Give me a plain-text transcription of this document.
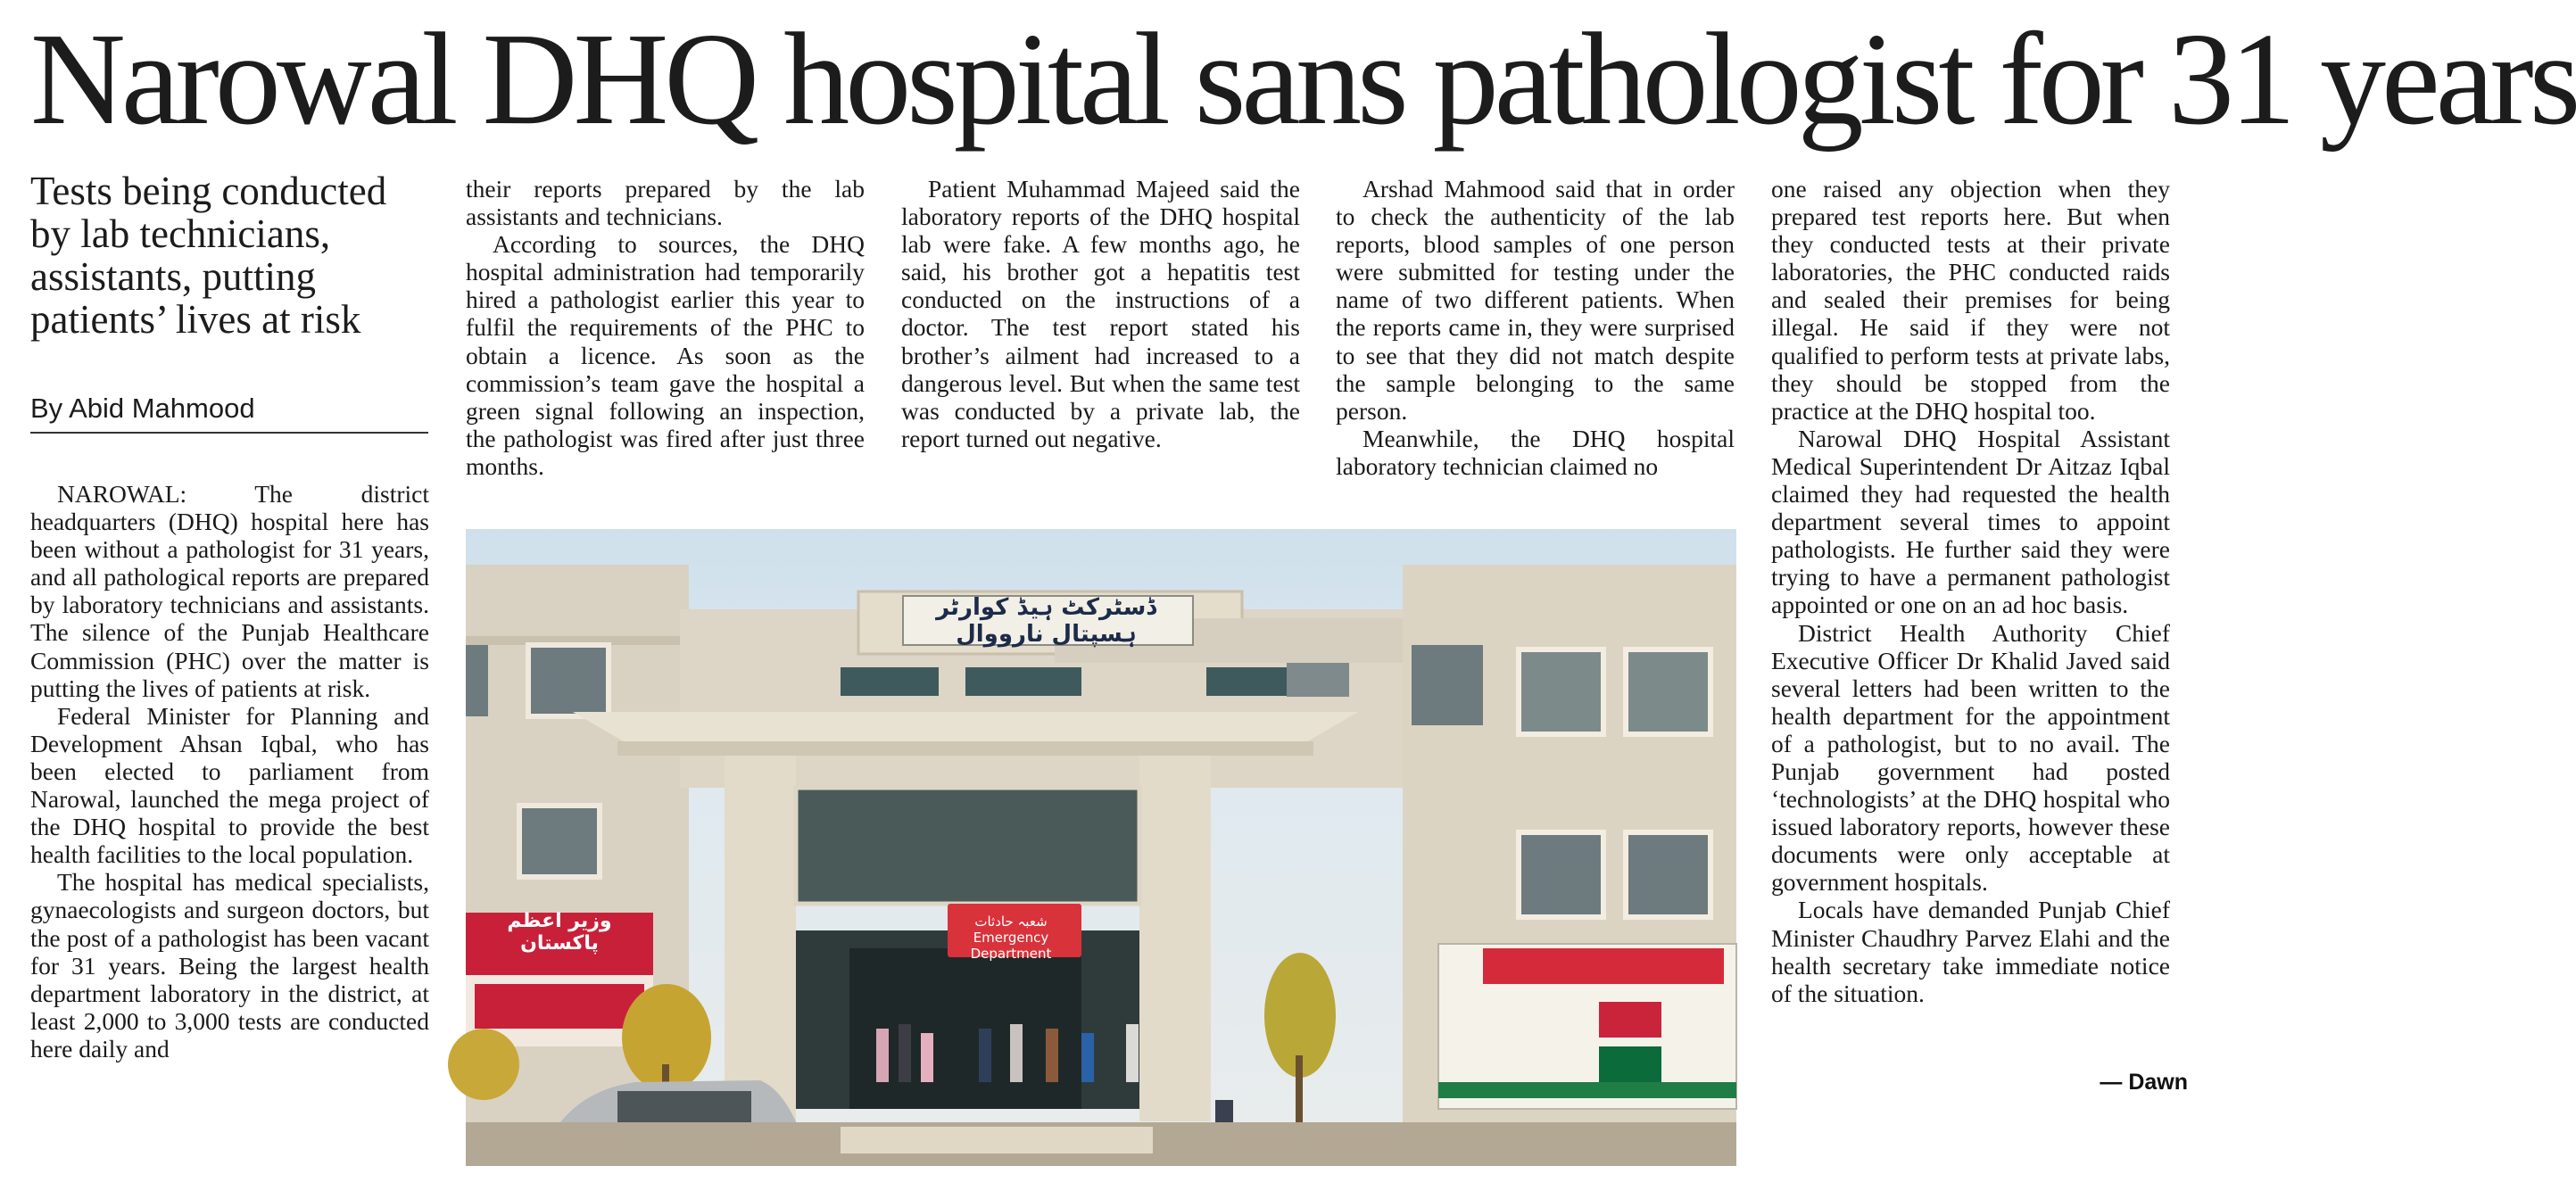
Narowal DHQ hospital sans pathologist for 31 years
Tests being conducted by lab technicians, assistants, putting patients’ lives at risk
By Abid Mahmood

NAROWAL: The district headquarters (DHQ) hospital here has been without a pathologist for 31 years, and all pathological reports are prepared by laboratory technicians and assistants. The silence of the Punjab Healthcare Commission (PHC) over the matter is putting the lives of patients at risk.

Federal Minister for Planning and Development Ahsan Iqbal, who has been elected to parliament from Narowal, launched the mega project of the DHQ hospital to provide the best health facilities to the local population.

The hospital has medical specialists, gynaecologists and surgeon doctors, but the post of a pathologist has been vacant for 31 years. Being the largest health department laboratory in the district, at least 2,000 to 3,000 tests are conducted here daily and

their reports prepared by the lab assistants and technicians.

According to sources, the DHQ hospital administration had temporarily hired a pathologist earlier this year to fulfil the requirements of the PHC to obtain a licence. As soon as the commission’s team gave the hospital a green signal following an inspection, the pathologist was fired after just three months.

Patient Muhammad Majeed said the laboratory reports of the DHQ hospital lab were fake. A few months ago, he said, his brother got a hepatitis test conducted on the instructions of a doctor. The test report stated his brother’s ailment had increased to a dangerous level. But when the same test was conducted by a private lab, the report turned out negative.

Arshad Mahmood said that in order to check the authenticity of the lab reports, blood samples of one person were submitted for testing under the name of two different patients. When the reports came in, they were surprised to see that they did not match despite the sample belonging to the same person.

Meanwhile, the DHQ hospital laboratory technician claimed no

one raised any objection when they prepared test reports here. But when they conducted tests at their private laboratories, the PHC conducted raids and sealed their premises for being illegal. He said if they were not qualified to perform tests at private labs, they should be stopped from the practice at the DHQ hospital too.

Narowal DHQ Hospital Assistant Medical Superintendent Dr Aitzaz Iqbal claimed they had requested the health department several times to appoint pathologists. He further said they were trying to have a permanent pathologist appointed or one on an ad hoc basis.

District Health Authority Chief Executive Officer Dr Khalid Javed said several letters had been written to the health department for the appointment of a pathologist, but to no avail. The Punjab government had posted ‘technologists’ at the DHQ hospital who issued laboratory reports, however these documents were only acceptable at government hospitals.

Locals have demanded Punjab Chief Minister Chaudhry Parvez Elahi and the health secretary take immediate notice of the situation.

— Dawn
ڈسٹرکٹ ہیڈ کوارٹر ہسپتال نارووال
شعبہ حادثات
Emergency Department
وزیر اعظم پاکستان
